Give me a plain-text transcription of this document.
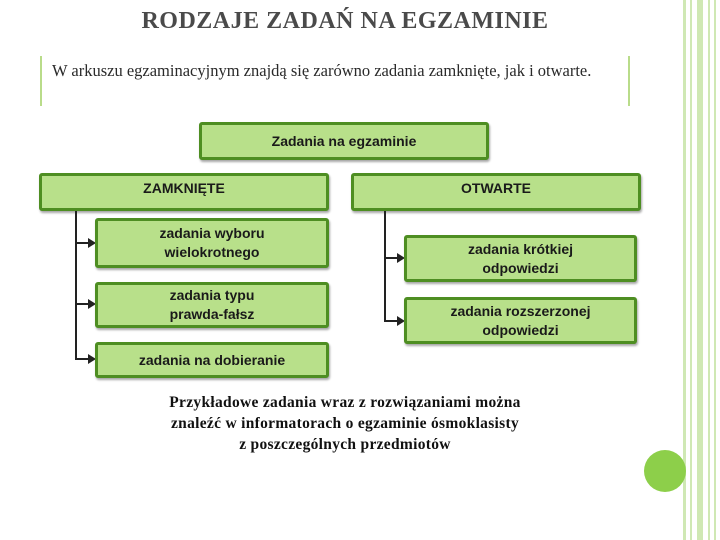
RODZAJE ZADAŃ NA EGZAMINIE
W arkuszu egzaminacyjnym znajdą się zarówno zadania zamknięte, jak i otwarte.
Zadania na egzaminie
ZAMKNIĘTE	OTWARTE
zadania wyboru
wielokrotnego
zadania typu
prawda-fałsz
zadania na dobieranie
zadania krótkiej
odpowiedzi
zadania rozszerzonej
odpowiedzi
Przykładowe zadania wraz z rozwiązaniami można
znaleźć w informatorach o egzaminie ósmoklasisty
z poszczególnych przedmiotów
